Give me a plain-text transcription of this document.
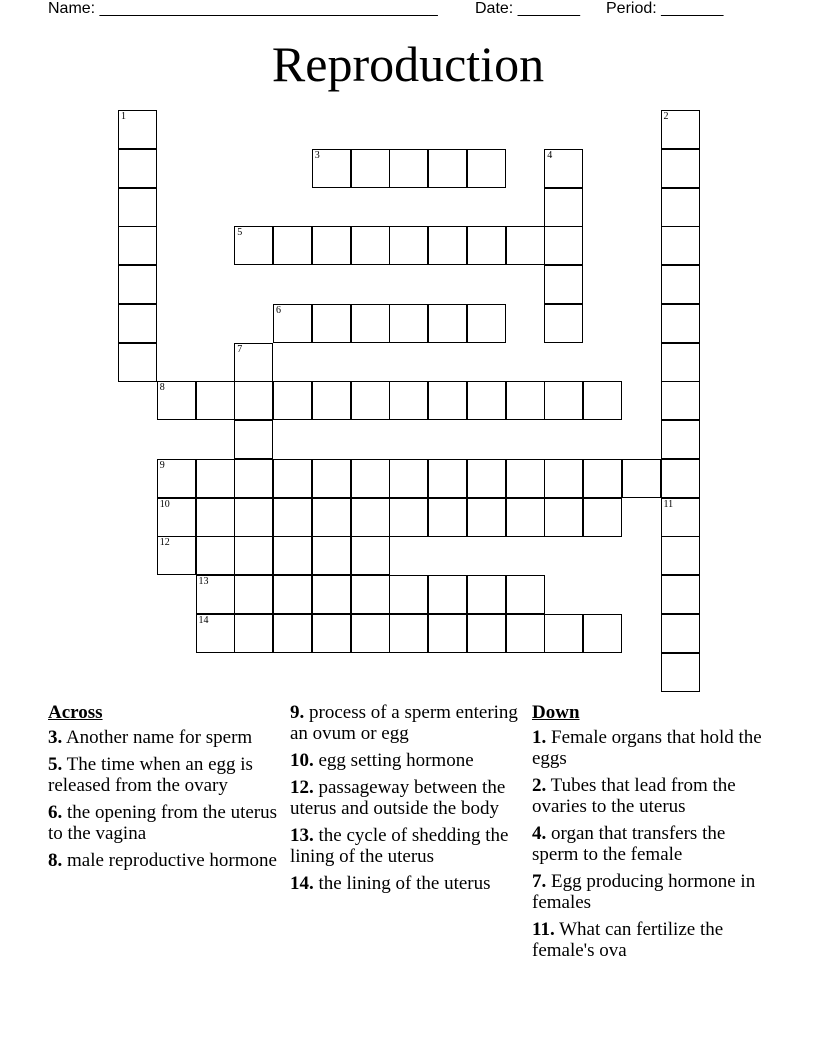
Name: ______________________________________ Date: _______ Period: _______
Reproduction
1	2
3	4
5
6
7
8
9
10	11
12
13
14
Across
3. Another name for sperm
5. The time when an egg is released from the ovary
6. the opening from the uterus to the vagina
8. male reproductive hormone
9. process of a sperm entering an ovum or egg
10. egg setting hormone
12. passageway between the uterus and outside the body
13. the cycle of shedding the lining of the uterus
14. the lining of the uterus
Down
1. Female organs that hold the eggs
2. Tubes that lead from the ovaries to the uterus
4. organ that transfers the sperm to the female
7. Egg producing hormone in females
11. What can fertilize the female's ova
